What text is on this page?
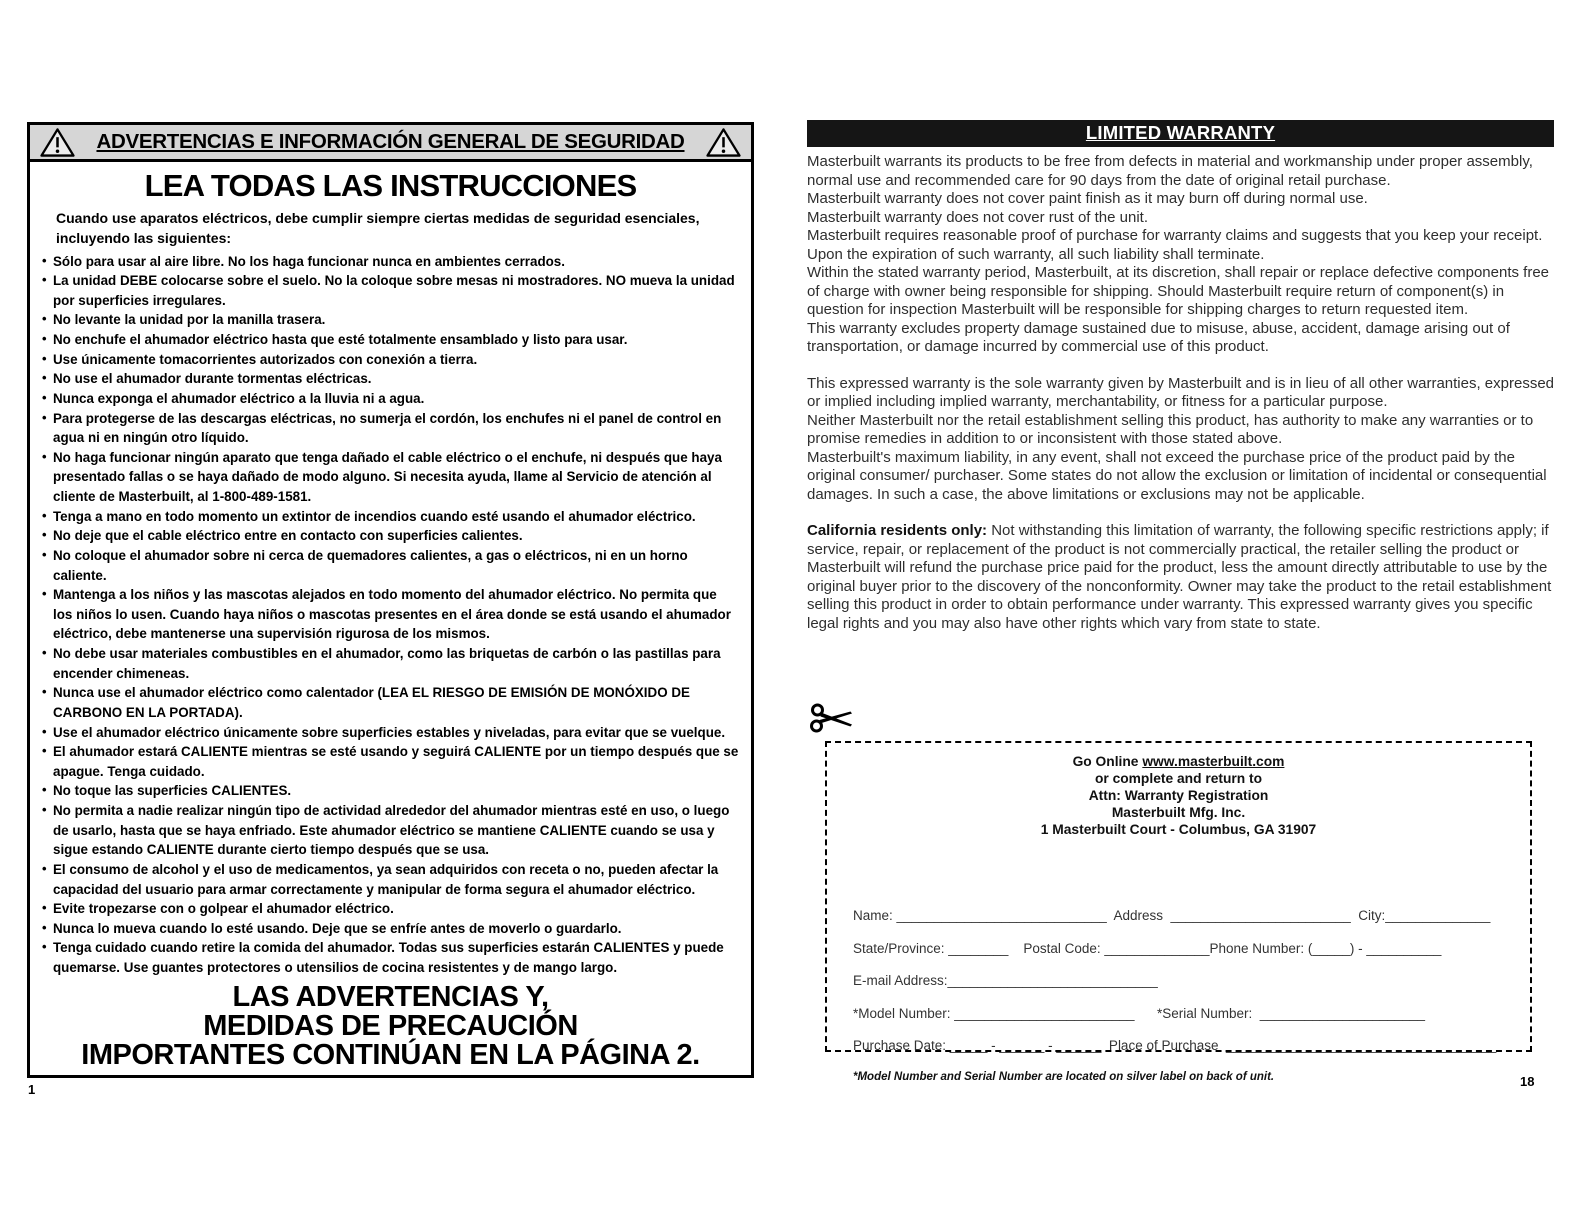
ADVERTENCIAS E INFORMACIÓN GENERAL DE SEGURIDAD
LEA TODAS LAS INSTRUCCIONES

Cuando use aparatos eléctricos, debe cumplir siempre ciertas medidas de seguridad esenciales, incluyendo las siguientes:

• Sólo para usar al aire libre. No los haga funcionar nunca en ambientes cerrados.
• La unidad DEBE colocarse sobre el suelo. No la coloque sobre mesas ni mostradores. NO mueva la unidad por superficies irregulares.
• No levante la unidad por la manilla trasera.
• No enchufe el ahumador eléctrico hasta que esté totalmente ensamblado y listo para usar.
• Use únicamente tomacorrientes autorizados con conexión a tierra.
• No use el ahumador durante tormentas eléctricas.
• Nunca exponga el ahumador eléctrico a la lluvia ni a agua.
• Para protegerse de las descargas eléctricas, no sumerja el cordón, los enchufes ni el panel de control en agua ni en ningún otro líquido.
• No haga funcionar ningún aparato que tenga dañado el cable eléctrico o el enchufe, ni después que haya presentado fallas o se haya dañado de modo alguno. Si necesita ayuda, llame al Servicio de atención al cliente de Masterbuilt, al 1-800-489-1581.
• Tenga a mano en todo momento un extintor de incendios cuando esté usando el ahumador eléctrico.
• No deje que el cable eléctrico entre en contacto con superficies calientes.
• No coloque el ahumador sobre ni cerca de quemadores calientes, a gas o eléctricos, ni en un horno caliente.
• Mantenga a los niños y las mascotas alejados en todo momento del ahumador eléctrico. No permita que los niños lo usen. Cuando haya niños o mascotas presentes en el área donde se está usando el ahumador eléctrico, debe mantenerse una supervisión rigurosa de los mismos.
• No debe usar materiales combustibles en el ahumador, como las briquetas de carbón o las pastillas para encender chimeneas.
• Nunca use el ahumador eléctrico como calentador (LEA EL RIESGO DE EMISIÓN DE MONÓXIDO DE CARBONO EN LA PORTADA).
• Use el ahumador eléctrico únicamente sobre superficies estables y niveladas, para evitar que se vuelque.
• El ahumador estará CALIENTE mientras se esté usando y seguirá CALIENTE por un tiempo después que se apague. Tenga cuidado.
• No toque las superficies CALIENTES.
• No permita a nadie realizar ningún tipo de actividad alrededor del ahumador mientras esté en uso, o luego de usarlo, hasta que se haya enfriado. Este ahumador eléctrico se mantiene CALIENTE cuando se usa y sigue estando CALIENTE durante cierto tiempo después que se usa.
• El consumo de alcohol y el uso de medicamentos, ya sean adquiridos con receta o no, pueden afectar la capacidad del usuario para armar correctamente y manipular de forma segura el ahumador eléctrico.
• Evite tropezarse con o golpear el ahumador eléctrico.
• Nunca lo mueva cuando lo esté usando. Deje que se enfríe antes de moverlo o guardarlo.
• Tenga cuidado cuando retire la comida del ahumador. Todas sus superficies estarán CALIENTES y puede quemarse. Use guantes protectores o utensilios de cocina resistentes y de mango largo.
LAS ADVERTENCIAS Y,
MEDIDAS DE PRECAUCIÓN
IMPORTANTES CONTINÚAN EN LA PÁGINA 2.
1
LIMITED WARRANTY
Masterbuilt warrants its products to be free from defects in material and workmanship under proper assembly, normal use and recommended care for 90 days from the date of original retail purchase.
Masterbuilt warranty does not cover paint finish as it may burn off during normal use.
Masterbuilt warranty does not cover rust of the unit.
Masterbuilt requires reasonable proof of purchase for warranty claims and suggests that you keep your receipt. Upon the expiration of such warranty, all such liability shall terminate.
Within the stated warranty period, Masterbuilt, at its discretion, shall repair or replace defective components free of charge with owner being responsible for shipping. Should Masterbuilt require return of component(s) in question for inspection Masterbuilt will be responsible for shipping charges to return requested item.
This warranty excludes property damage sustained due to misuse, abuse, accident, damage arising out of transportation, or damage incurred by commercial use of this product.
This expressed warranty is the sole warranty given by Masterbuilt and is in lieu of all other warranties, expressed or implied including implied warranty, merchantability, or fitness for a particular purpose.
Neither Masterbuilt nor the retail establishment selling this product, has authority to make any warranties or to promise remedies in addition to or inconsistent with those stated above.
Masterbuilt's maximum liability, in any event, shall not exceed the purchase price of the product paid by the original consumer/ purchaser. Some states do not allow the exclusion or limitation of incidental or consequential damages. In such a case, the above limitations or exclusions may not be applicable.
California residents only: Not withstanding this limitation of warranty, the following specific restrictions apply; if service, repair, or replacement of the product is not commercially practical, the retailer selling the product or Masterbuilt will refund the purchase price paid for the product, less the amount directly attributable to use by the original buyer prior to the discovery of the nonconformity. Owner may take the product to the retail establishment selling this product in order to obtain performance under warranty. This expressed warranty gives you specific legal rights and you may also have other rights which vary from state to state.
Go Online www.masterbuilt.com
or complete and return to
Attn: Warranty Registration
Masterbuilt Mfg. Inc.
1 Masterbuilt Court - Columbus, GA 31907

Name: ____________________________  Address  ________________________  City:______________
State/Province: ________    Postal Code: ______________Phone Number: (_____) - __________
E-mail Address:____________________________
*Model Number: ________________________      *Serial Number:  ______________________
Purchase Date: _____ - ______ - ______  Place of Purchase  ____________________________________
*Model Number and Serial Number are located on silver label on back of unit.	18
